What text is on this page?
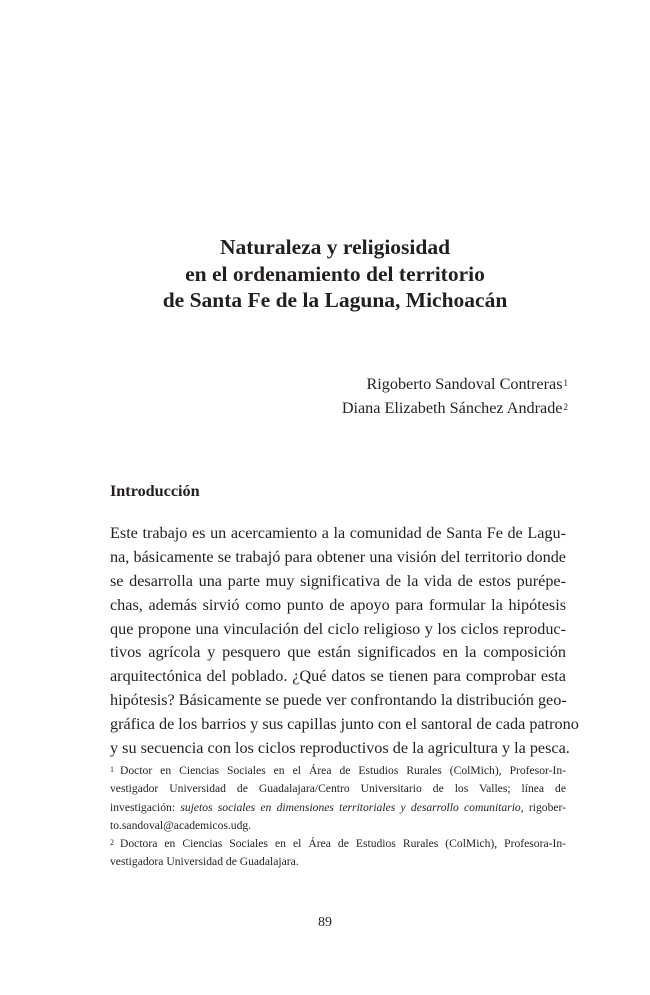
Naturaleza y religiosidad
en el ordenamiento del territorio
de Santa Fe de la Laguna, Michoacán
Rigoberto Sandoval Contreras$^1$
Diana Elizabeth Sánchez Andrade$^2$
Introducción
Este trabajo es un acercamiento a la comunidad de Santa Fe de Lagu-
na, básicamente se trabajó para obtener una visión del territorio donde
se desarrolla una parte muy significativa de la vida de estos purépe-
chas, además sirvió como punto de apoyo para formular la hipótesis
que propone una vinculación del ciclo religioso y los ciclos reproduc-
tivos agrícola y pesquero que están significados en la composición
arquitectónica del poblado. ¿Qué datos se tienen para comprobar esta
hipótesis? Básicamente se puede ver confrontando la distribución geo-
gráfica de los barrios y sus capillas junto con el santoral de cada patrono
y su secuencia con los ciclos reproductivos de la agricultura y la pesca.
$^1$ Doctor en Ciencias Sociales en el Área de Estudios Rurales (ColMich), Profesor-In-
vestigador Universidad de Guadalajara/Centro Universitario de los Valles; línea de
investigación: sujetos sociales en dimensiones territoriales y desarrollo comunitario, rigober-
to.sandoval@academicos.udg.
$^2$ Doctora en Ciencias Sociales en el Área de Estudios Rurales (ColMich), Profesora-In-
vestigadora Universidad de Guadalajara.
89
